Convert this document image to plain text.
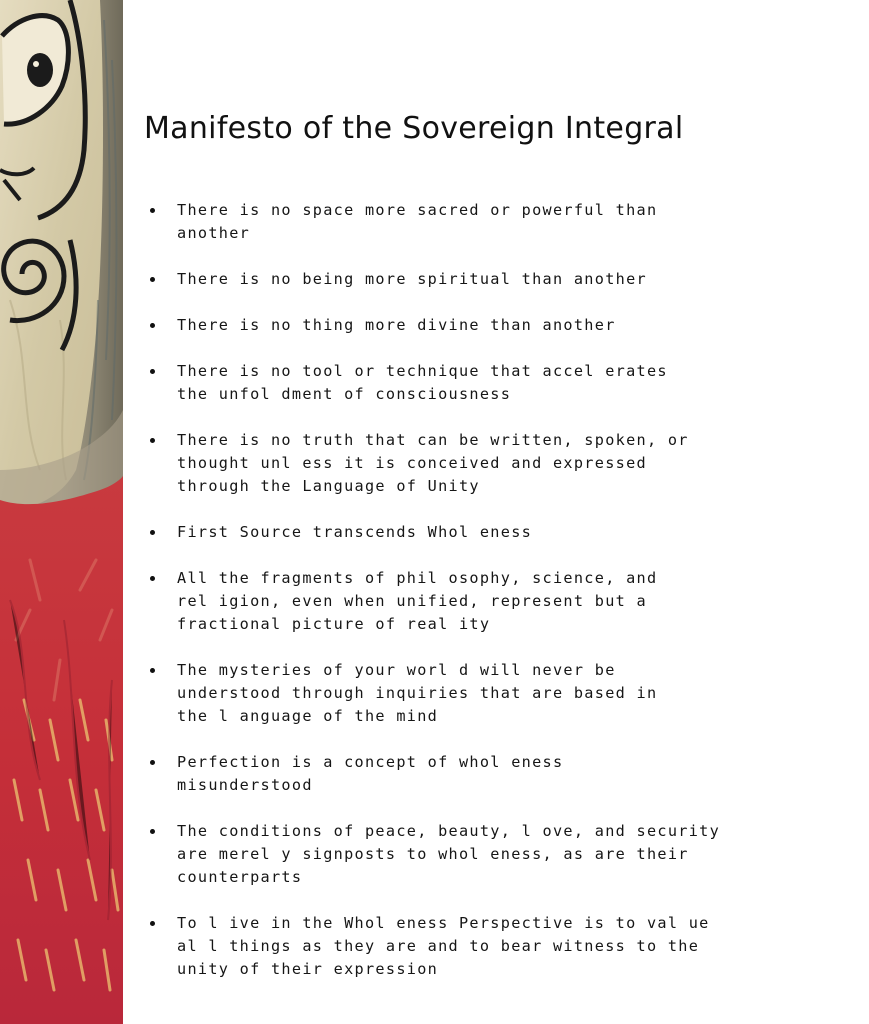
Manifesto of the Sovereign Integral
There is no space more sacred or powerful than
another
There is no being more spiritual than another
There is no thing more divine than another
There is no tool or technique that accel erates
the unfol dment of consciousness
There is no truth that can be written, spoken, or
thought unl ess it is conceived and expressed
through the Language of Unity
First Source transcends Whol eness
All the fragments of phil osophy, science, and
rel igion, even when unified, represent but a
fractional picture of real ity
The mysteries of your worl d will never be
understood through inquiries that are based in
the l anguage of the mind
Perfection is a concept of whol eness
misunderstood
The conditions of peace, beauty, l ove, and security
are merel y signposts to whol eness, as are their
counterparts
To l ive in the Whol eness Perspective is to val ue
al l things as they are and to bear witness to the
unity of their expression
